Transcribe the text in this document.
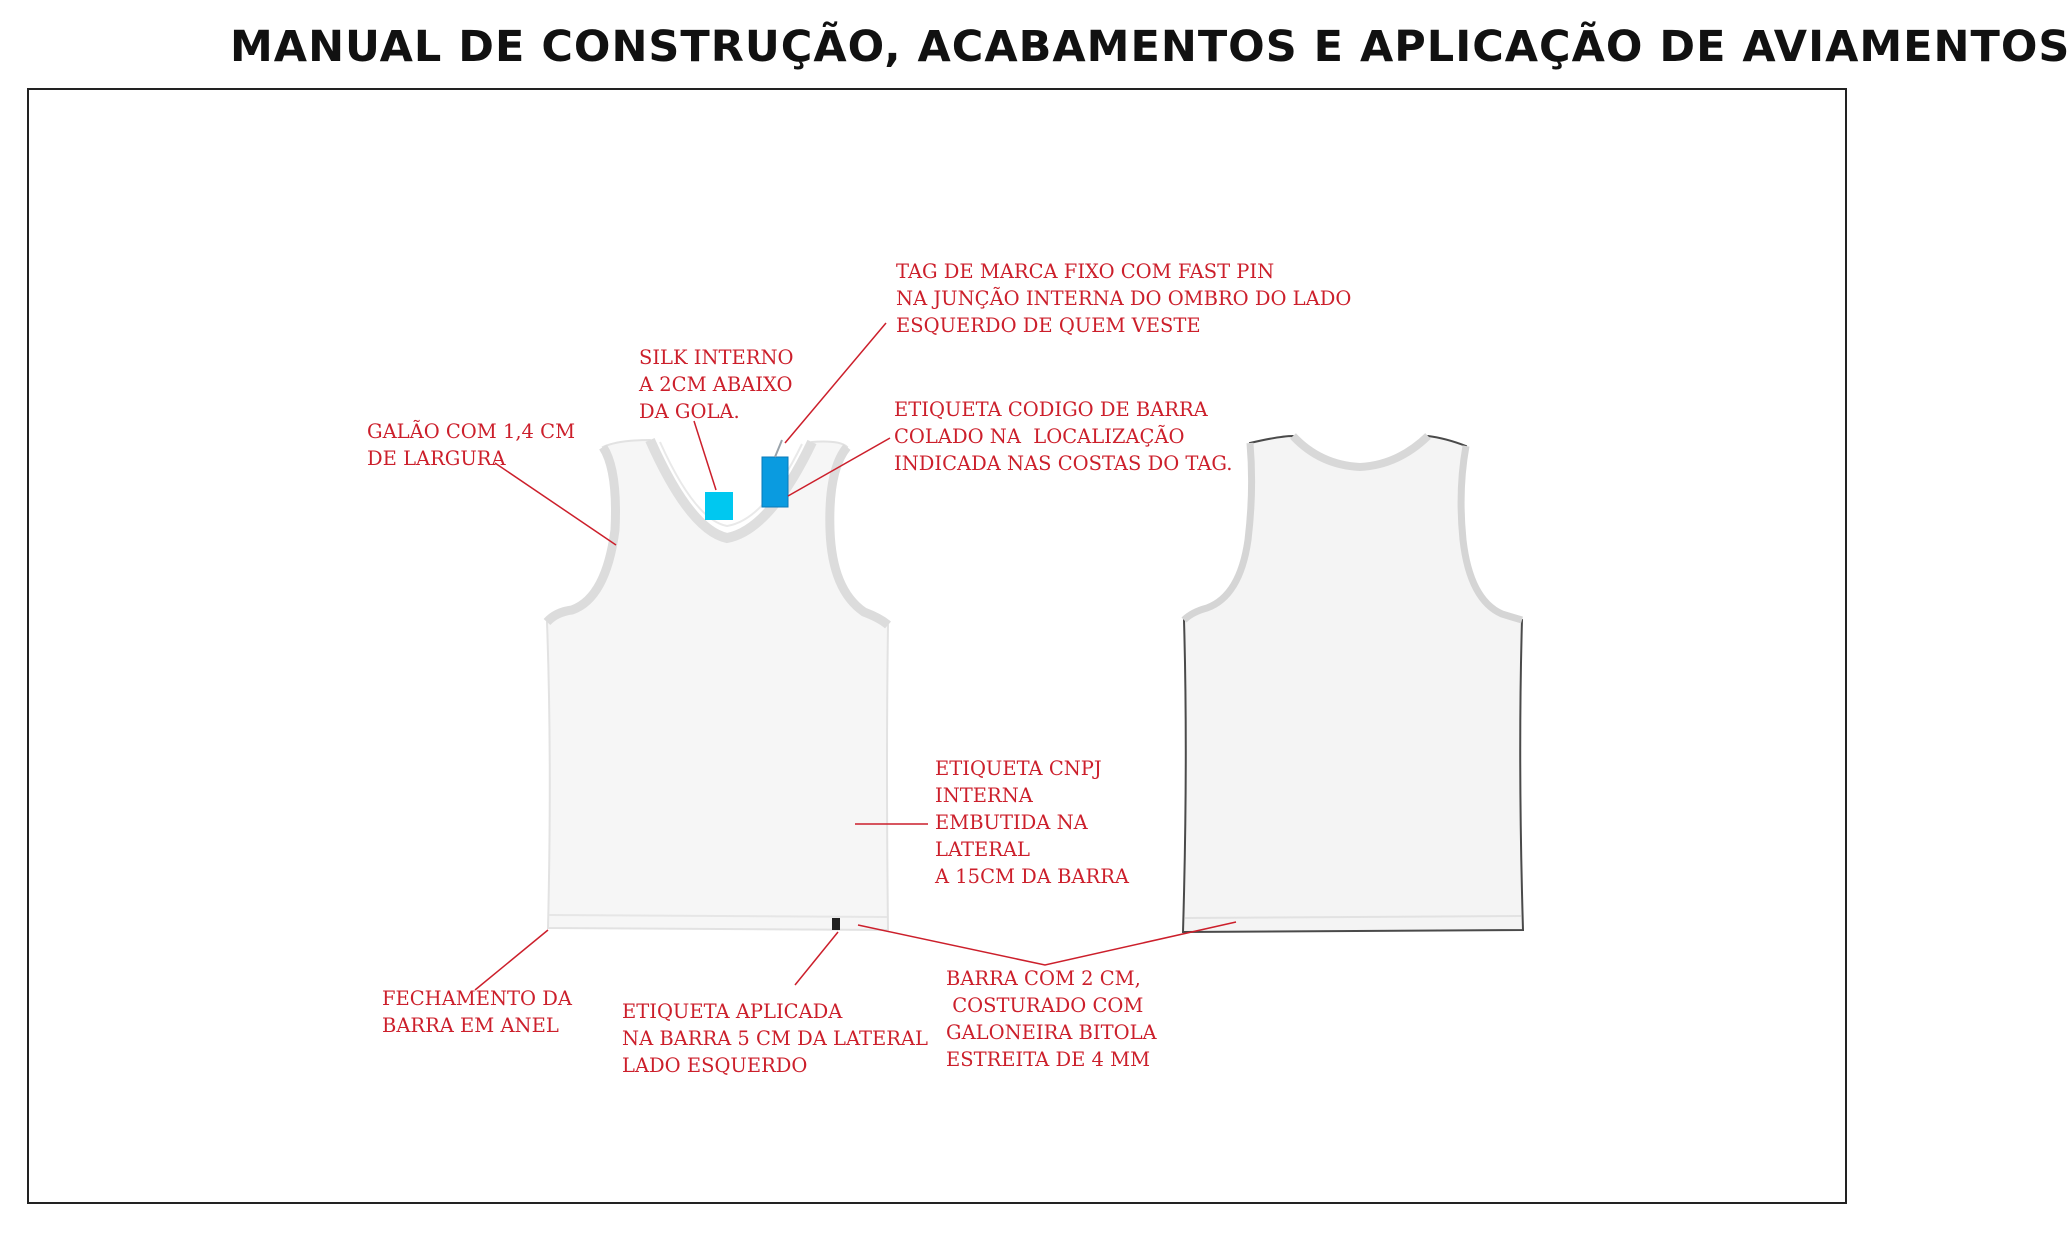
MANUAL DE CONSTRUÇÃO, ACABAMENTOS E APLICAÇÃO DE AVIAMENTOS
TAG DE MARCA FIXO COM FAST PIN
NA JUNÇÃO INTERNA DO OMBRO DO LADO
ESQUERDO DE QUEM VESTE
SILK INTERNO
A 2CM ABAIXO
DA GOLA.
GALÃO COM 1,4 CM
DE LARGURA
ETIQUETA CODIGO DE BARRA
COLADO NA  LOCALIZAÇÃO
INDICADA NAS COSTAS DO TAG.
ETIQUETA CNPJ
INTERNA
EMBUTIDA NA
LATERAL
A 15CM DA BARRA
FECHAMENTO DA
BARRA EM ANEL
ETIQUETA APLICADA
NA BARRA 5 CM DA LATERAL
LADO ESQUERDO
BARRA COM 2 CM,
COSTURADO COM
GALONEIRA BITOLA
ESTREITA DE 4 MM
